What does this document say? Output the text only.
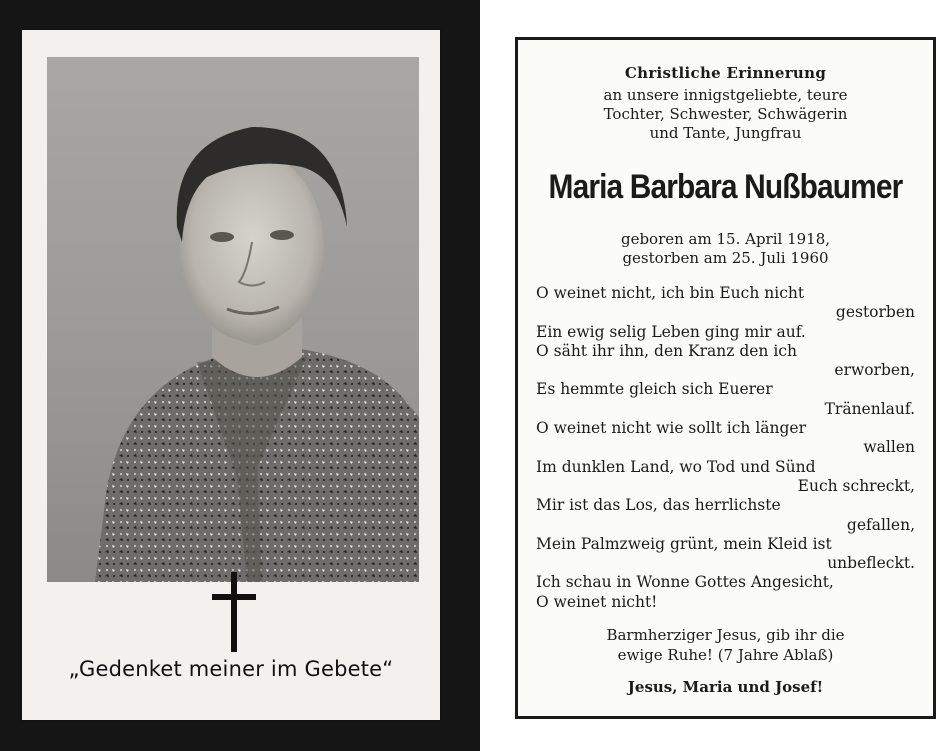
„Gedenket meiner im Gebete“
Christliche Erinnerung
an unsere innigstgeliebte, teure
Tochter, Schwester, Schwägerin
und Tante, Jungfrau
Maria Barbara Nußbaumer
geboren am 15. April 1918,
gestorben am 25. Juli 1960
O weinet nicht, ich bin Euch nicht
gestorben
Ein ewig selig Leben ging mir auf.
O säht ihr ihn, den Kranz den ich
erworben,
Es hemmte gleich sich Euerer
Tränenlauf.
O weinet nicht wie sollt ich länger
wallen
Im dunklen Land, wo Tod und Sünd
Euch schreckt,
Mir ist das Los, das herrlichste
gefallen,
Mein Palmzweig grünt, mein Kleid ist
unbefleckt.
Ich schau in Wonne Gottes Angesicht,
O weinet nicht!
Barmherziger Jesus, gib ihr die
ewige Ruhe! (7 Jahre Ablaß)
Jesus, Maria und Josef!
